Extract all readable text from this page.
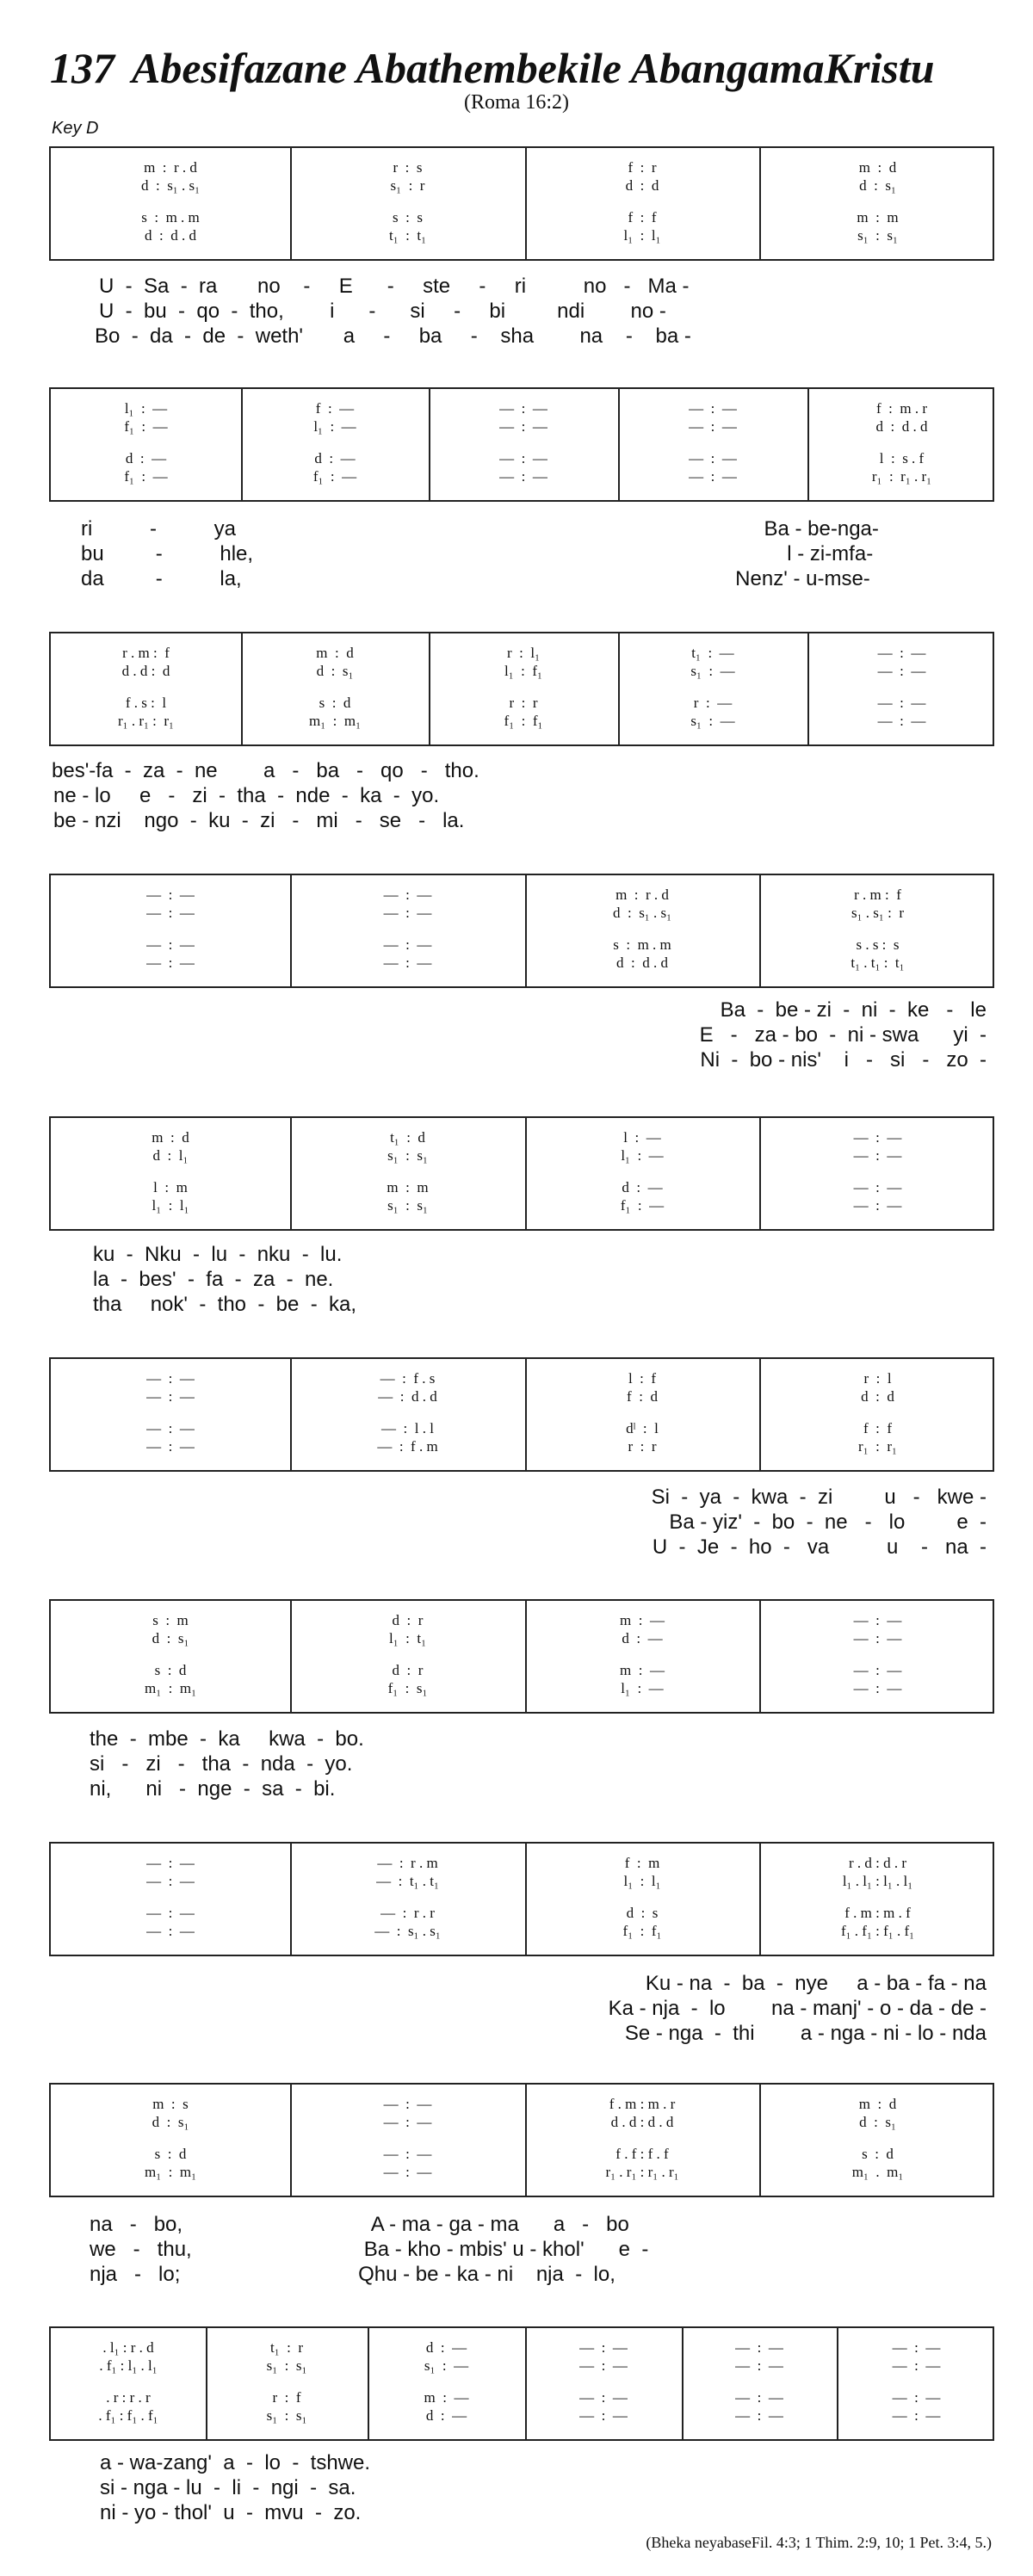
137 Abesifazane Abathembekile AbangamaKristu
(Roma 16:2)
Key D
m  :  r . d
d  :  s₁ . s₁
s  :  m . m
d  :  d . d
r  :  s
s₁  :  r
s  :  s
t₁  :  t₁
f  :  r
d  :  d
f  :  f
l₁  :  l₁
m  :  d
d  :  s₁
m  :  m
s₁  :  s₁
U  -  Sa  -  ra       no    -     E      -     ste     -     ri          no   -   Ma -
U  -  bu  -  qo  -  tho,        i      -      si     -     bi         ndi        no -
Bo  -  da  -  de  -  weth'       a     -     ba     -    sha        na    -    ba -
l₁  :  —
f₁  :  —
d  :  —
f₁  :  —
f  :  —
l₁  :  —
d  :  —
f₁  :  —
—  :  —
—  :  —
—  :  —
—  :  —
—  :  —
—  :  —
—  :  —
—  :  —
f  :  m . r
d  :  d . d
l  :  s . f
r₁  :  r₁ . r₁
ri          -          ya                                                                                            Ba - be-nga-
bu         -          hle,                                                                                             l - zi-mfa-
da         -          la,                                                                                      Nenz' - u-mse-
r . m :  f
d . d :  d
f . s :  l
r₁ . r₁ :  r₁
m  :  d
d  :  s₁
s  :  d
m₁  :  m₁
r  :  l₁
l₁  :  f₁
r  :  r
f₁  :  f₁
t₁  :  —
s₁  :  —
r  :  —
s₁  :  —
—  :  —
—  :  —
—  :  —
—  :  —
bes'-fa  -  za  -  ne        a   -   ba   -   qo   -   tho.
ne - lo     e   -   zi  -  tha  -  nde  -  ka  -  yo.
be - nzi    ngo  -  ku  -  zi   -   mi   -   se   -   la.
—  :  —
—  :  —
—  :  —
—  :  —
—  :  —
—  :  —
—  :  —
—  :  —
m  :  r . d
d  :  s₁ . s₁
s  :  m . m
d  :  d . d
r . m :  f
s₁ . s₁ :  r
s . s :  s
t₁ . t₁ :  t₁
Ba  -  be - zi  -  ni  -  ke   -   le
E   -   za - bo  -  ni - swa      yi  -
Ni  -  bo - nis'    i   -   si   -   zo  -
m  :  d
d  :  l₁
l  :  m
l₁  :  l₁
t₁  :  d
s₁  :  s₁
m  :  m
s₁  :  s₁
l  :  —
l₁  :  —
d  :  —
f₁  :  —
—  :  —
—  :  —
—  :  —
—  :  —
ku  -  Nku  -  lu  -  nku  -  lu.
la  -  bes'  -  fa  -  za  -  ne.
tha     nok'  -  tho  -  be  -  ka,
—  :  —
—  :  —
—  :  —
—  :  —
—  :  f . s
—  :  d . d
—  :  l . l
—  :  f . m
l  :  f
f  :  d
dˡ  :  l
r  :  r
r  :  l
d  :  d
f  :  f
r₁  :  r₁
Si  -  ya  -  kwa  -  zi         u   -   kwe -
Ba - yiz'  -  bo  -  ne   -   lo         e  -
U  -  Je  -  ho  -   va          u    -   na  -
s  :  m
d  :  s₁
s  :  d
m₁  :  m₁
d  :  r
l₁  :  t₁
d  :  r
f₁  :  s₁
m  :  —
d  :  —
m  :  —
l₁  :  —
—  :  —
—  :  —
—  :  —
—  :  —
the  -  mbe  -  ka     kwa  -  bo.
si   -   zi   -   tha  -  nda  -  yo.
ni,      ni   -  nge  -  sa  -  bi.
—  :  —
—  :  —
—  :  —
—  :  —
—  :  r . m
—  :  t₁ . t₁
—  :  r . r
—  :  s₁ . s₁
f  :  m
l₁  :  l₁
d  :  s
f₁  :  f₁
r . d : d . r
l₁ . l₁ : l₁ . l₁
f . m : m . f
f₁ . f₁ : f₁ . f₁
Ku - na  -  ba  -  nye     a - ba - fa - na
Ka - nja  -  lo        na - manj' - o - da - de -
Se - nga  -  thi        a - nga - ni - lo - nda
m  :  s
d  :  s₁
s  :  d
m₁  :  m₁
—  :  —
—  :  —
—  :  —
—  :  —
f . m : m . r
d . d : d . d
f . f : f . f
r₁ . r₁ : r₁ . r₁
m  :  d
d  :  s₁
s  :  d
m₁  .  m₁
na   -   bo,                                 A - ma - ga - ma      a   -   bo
we   -   thu,                              Ba - kho - mbis' u - khol'      e  -
nja   -   lo;                               Qhu - be - ka - ni    nja  -  lo,
. l₁ : r . d
. f₁ : l₁ . l₁
. r : r . r
. f₁ : f₁ . f₁
t₁  :  r
s₁  :  s₁
r  :  f
s₁  :  s₁
d  :  —
s₁  :  —
m  :  —
d  :  —
—  :  —
—  :  —
—  :  —
—  :  —
—  :  —
—  :  —
—  :  —
—  :  —
—  :  —
—  :  —
—  :  —
—  :  —
a - wa-zang'  a  -  lo  -  tshwe.
si - nga - lu  -  li  -  ngi  -  sa.
ni - yo - thol'  u  -  mvu  -  zo.
(Bheka neyabaseFil. 4:3; 1 Thim. 2:9, 10; 1 Pet. 3:4, 5.)
